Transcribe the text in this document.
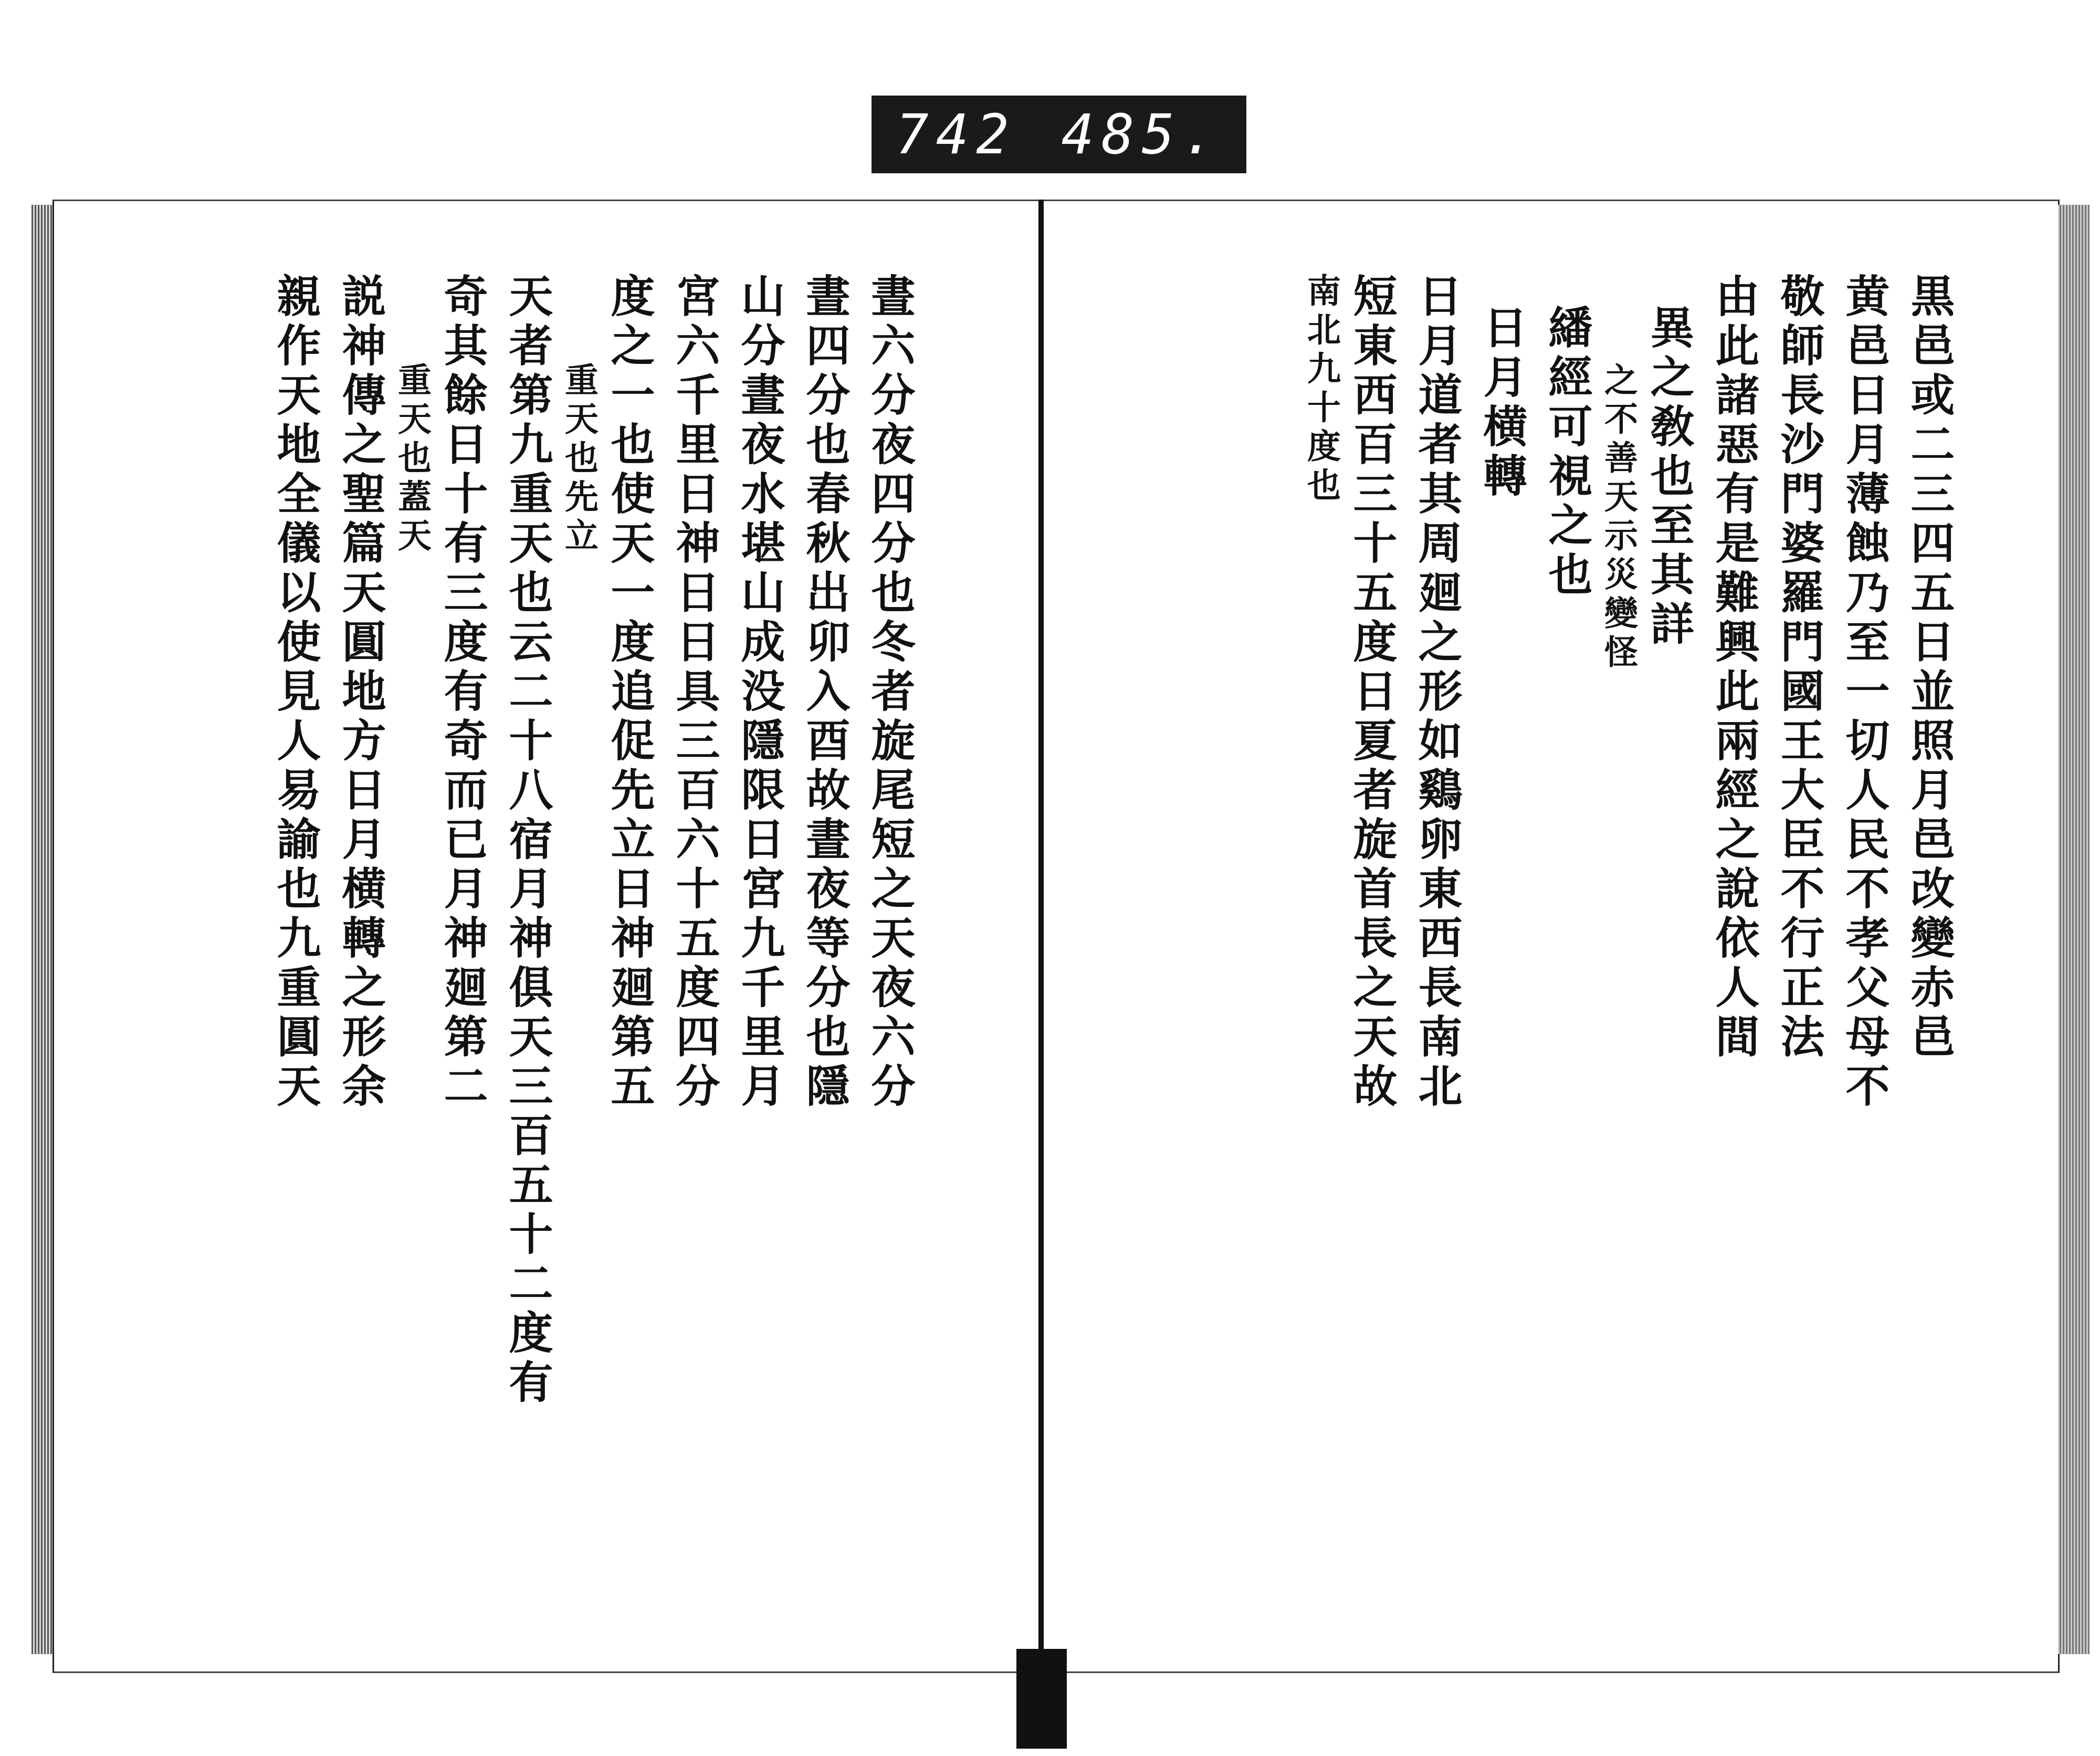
742 485.
黒邑或二三四五日並照月邑改變赤邑
黄邑日月薄蝕乃至一切人民不孝父母不
敬師長沙門婆羅門國王大臣不行正法
由此諸惡有是難興此兩經之說依人間
異之敎也至其詳
之不善天示災變怪
繙經可視之也
日月横轉
日月道者其周廻之形如鷄卵東西長南北
短東西百三十五度日夏者旋首長之天故
南北九十度也
晝六分夜四分也冬者旋尾短之天夜六分
晝四分也春秋出卯入酉故晝夜等分也隱
山分晝夜水堪山成没隱限日宮九千里月
宮六千里日神日日具三百六十五度四分
度之一也使天一度追促先立日神廻第五
重天也先立
天者第九重天也云二十八宿月神俱天三百五十二度有
奇其餘日十有三度有奇而已月神廻第二
重天也蓋天
説神傳之聖篇天圓地方日月横轉之形余
親作天地全儀以使見人易諭也九重圓天
